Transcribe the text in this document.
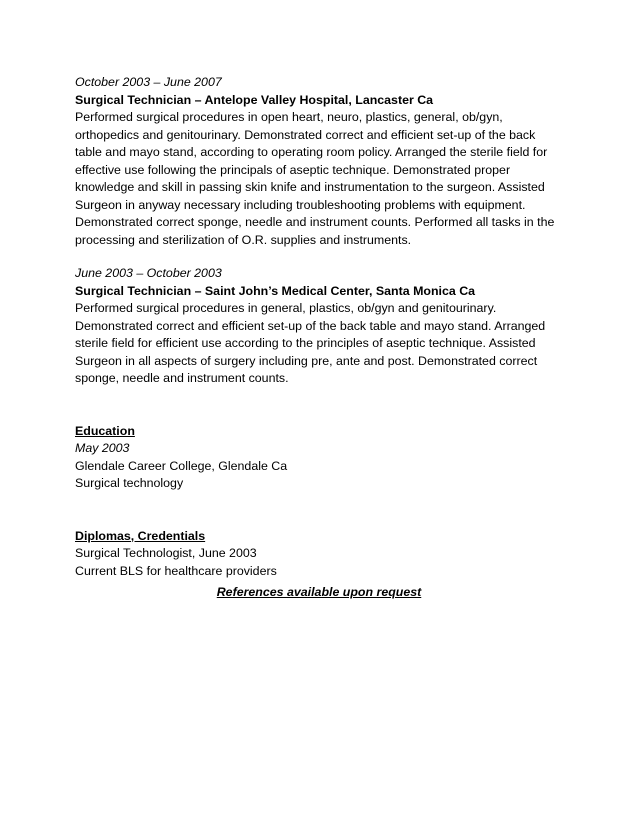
October 2003 – June 2007
Surgical Technician – Antelope Valley Hospital, Lancaster Ca

Performed surgical procedures in open heart, neuro, plastics, general, ob/gyn, orthopedics and genitourinary. Demonstrated correct and efficient set-up of the back table and mayo stand, according to operating room policy. Arranged the sterile field for effective use following the principals of aseptic technique. Demonstrated proper knowledge and skill in passing skin knife and instrumentation to the surgeon. Assisted Surgeon in anyway necessary including troubleshooting problems with equipment. Demonstrated correct sponge, needle and instrument counts. Performed all tasks in the processing and sterilization of O.R. supplies and instruments.

June 2003 – October 2003
Surgical Technician – Saint John’s Medical Center, Santa Monica Ca

Performed surgical procedures in general, plastics, ob/gyn and genitourinary. Demonstrated correct and efficient set-up of the back table and mayo stand. Arranged sterile field for efficient use according to the principles of aseptic technique. Assisted Surgeon in all aspects of surgery including pre, ante and post. Demonstrated correct sponge, needle and instrument counts.

Education
May 2003
Glendale Career College, Glendale Ca
Surgical technology
Diplomas, Credentials
Surgical Technologist, June 2003
Current BLS for healthcare providers
References available upon request
